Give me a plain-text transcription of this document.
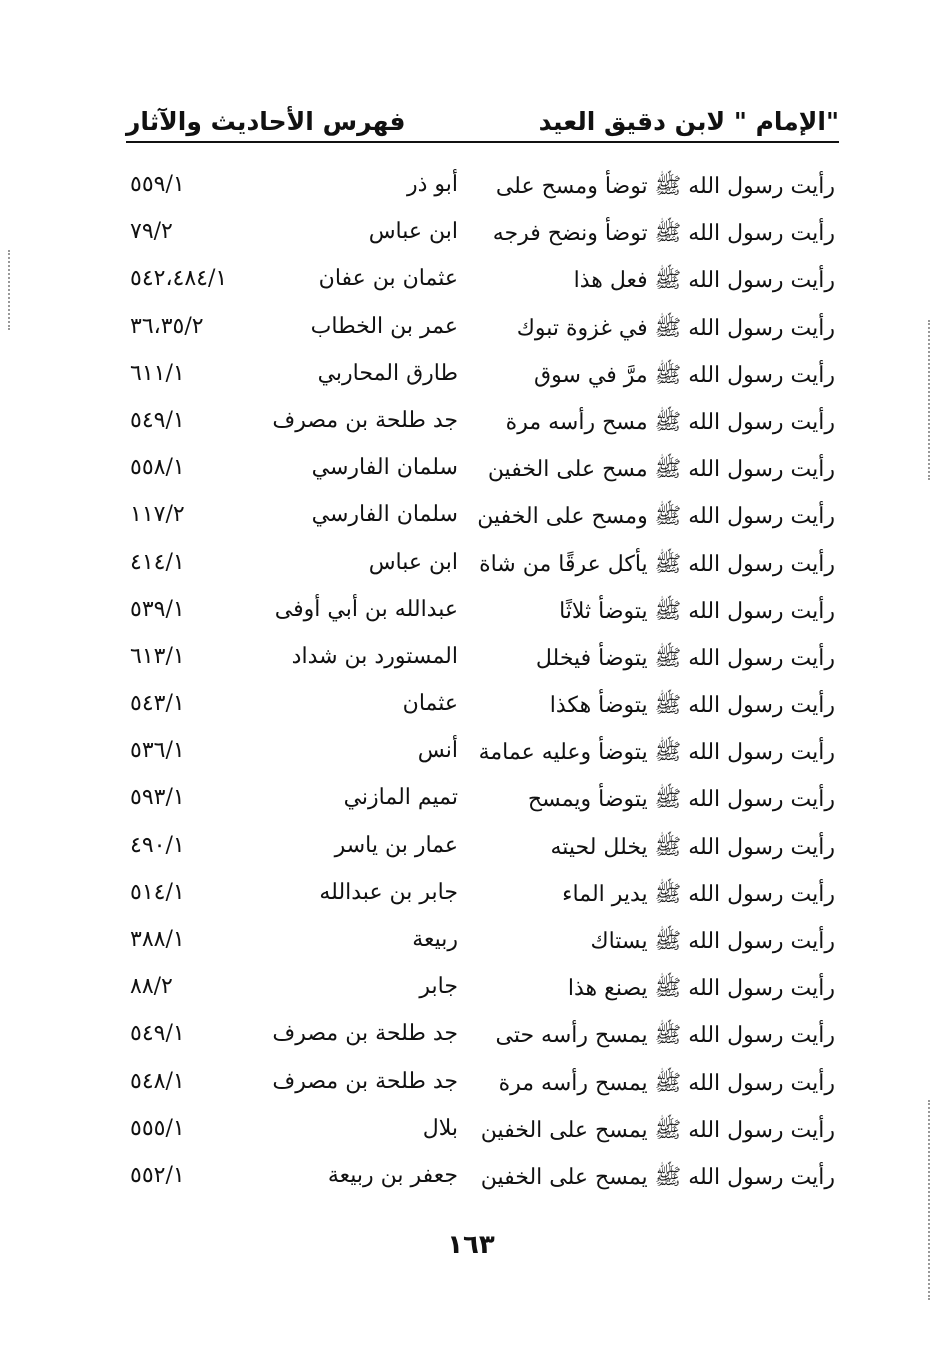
"الإمام " لابن دقيق العيد
فهرس الأحاديث والآثار
رأيت رسول الله ﷺ توضأ ومسح على
أبو ذر
٥٥٩/١
رأيت رسول الله ﷺ توضأ ونضح فرجه
ابن عباس
٧٩/٢
رأيت رسول الله ﷺ فعل هذا
عثمان بن عفان
٥٤٢،٤٨٤/١
رأيت رسول الله ﷺ في غزوة تبوك
عمر بن الخطاب
٣٦،٣٥/٢
رأيت رسول الله ﷺ مرَّ في سوق
طارق المحاربي
٦١١/١
رأيت رسول الله ﷺ مسح رأسه مرة
جد طلحة بن مصرف
٥٤٩/١
رأيت رسول الله ﷺ مسح على الخفين
سلمان الفارسي
٥٥٨/١
رأيت رسول الله ﷺ ومسح على الخفين
سلمان الفارسي
١١٧/٢
رأيت رسول الله ﷺ يأكل عرقًا من شاة
ابن عباس
٤١٤/١
رأيت رسول الله ﷺ يتوضأ ثلاثًا
عبدالله بن أبي أوفى
٥٣٩/١
رأيت رسول الله ﷺ يتوضأ فيخلل
المستورد بن شداد
٦١٣/١
رأيت رسول الله ﷺ يتوضأ هكذا
عثمان
٥٤٣/١
رأيت رسول الله ﷺ يتوضأ وعليه عمامة
أنس
٥٣٦/١
رأيت رسول الله ﷺ يتوضأ ويمسح
تميم المازني
٥٩٣/١
رأيت رسول الله ﷺ يخلل لحيته
عمار بن ياسر
٤٩٠/١
رأيت رسول الله ﷺ يدير الماء
جابر بن عبدالله
٥١٤/١
رأيت رسول الله ﷺ يستاك
ربيعة
٣٨٨/١
رأيت رسول الله ﷺ يصنع هذا
جابر
٨٨/٢
رأيت رسول الله ﷺ يمسح رأسه حتى
جد طلحة بن مصرف
٥٤٩/١
رأيت رسول الله ﷺ يمسح رأسه مرة
جد طلحة بن مصرف
٥٤٨/١
رأيت رسول الله ﷺ يمسح على الخفين
بلال
٥٥٥/١
رأيت رسول الله ﷺ يمسح على الخفين
جعفر بن ربيعة
٥٥٢/١
١٦٣
